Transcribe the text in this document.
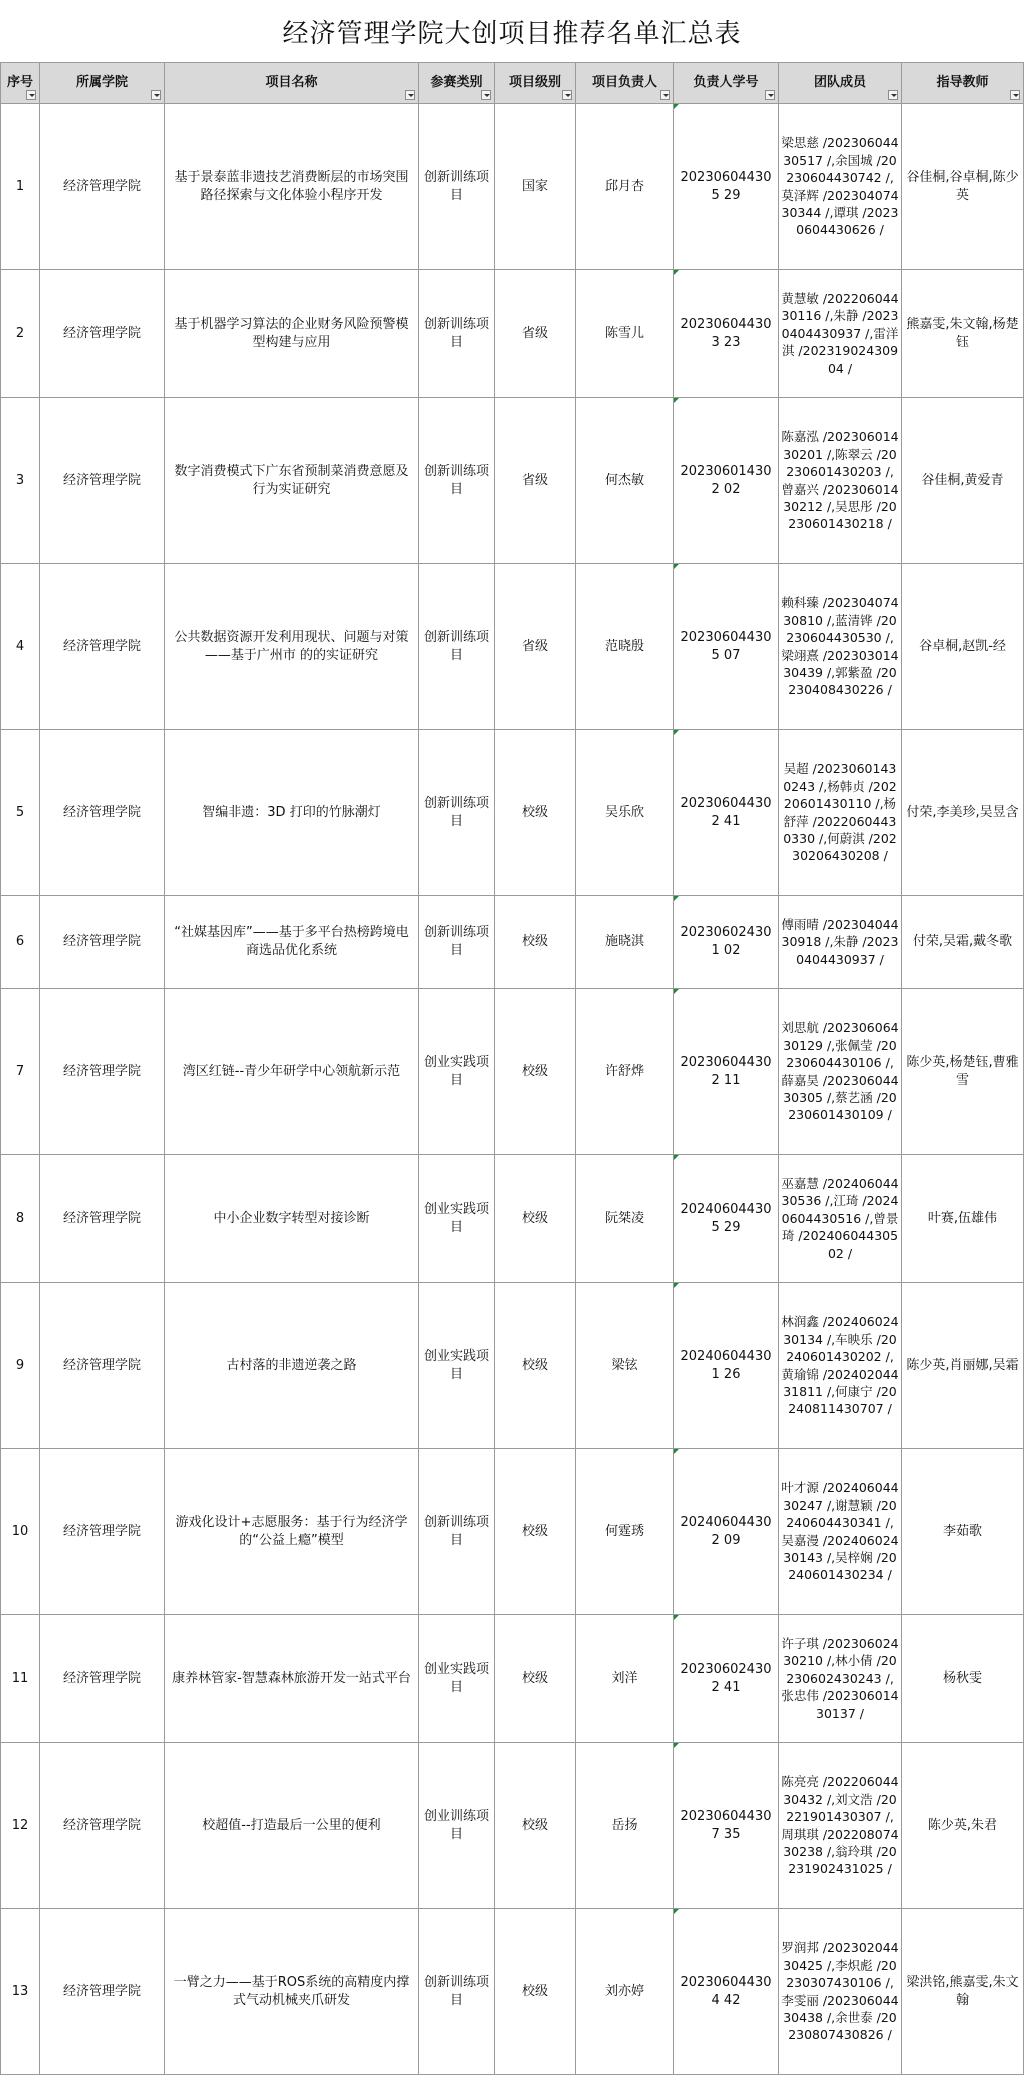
经济管理学院大创项目推荐名单汇总表
序号	所属学院	项目名称	参赛类别	项目级别	项目负责人	负责人学号	团队成员	指导教师

1	经济管理学院	基于景泰蓝非遗技艺消费断层的市场突围路径探索与文化体验小程序开发	创新训练项目	国家	邱月杏	202306044305 29	梁思慈 /20230604430517 /,余国城 /20230604430742 /,莫泽辉 /20230407430344 /,谭琪 /20230604430626 /	谷佳桐,谷卓桐,陈少英
2	经济管理学院	基于机器学习算法的企业财务风险预警模型构建与应用	创新训练项目	省级	陈雪儿	202306044303 23	黄慧敏 /20220604430116 /,朱静 /20230404430937 /,雷洋淇 /20231902430904 /	熊嘉雯,朱文翰,杨楚钰
3	经济管理学院	数字消费模式下广东省预制菜消费意愿及行为实证研究	创新训练项目	省级	何杰敏	202306014302 02	陈嘉泓 /20230601430201 /,陈翠云 /20230601430203 /,曾嘉兴 /20230601430212 /,吴思彤 /20230601430218 /	谷佳桐,黄爱青
4	经济管理学院	公共数据资源开发利用现状、问题与对策——基于广州市 的的实证研究	创新训练项目	省级	范晓殷	202306044305 07	赖科臻 /20230407430810 /,蓝清铧 /20230604430530 /,梁翊熹 /20230301430439 /,郭紫盈 /20230408430226 /	谷卓桐,赵凯-经
5	经济管理学院	智编非遗：3D 打印的竹脉潮灯	创新训练项目	校级	吴乐欣	202306044302 41	吴超 /20230601430243 /,杨韩贞 /20220601430110 /,杨舒萍 /20220604430330 /,何蔚淇 /20230206430208 /	付荣,李美珍,吴昱含
6	经济管理学院	“社媒基因库”——基于多平台热榜跨境电商选品优化系统	创新训练项目	校级	施晓淇	202306024301 02	傅雨晴 /20230404430918 /,朱静 /20230404430937 /	付荣,吴霜,戴冬歌
7	经济管理学院	湾区红链--青少年研学中心领航新示范	创业实践项目	校级	许舒烨	202306044302 11	刘思航 /20230606430129 /,张佩莹 /20230604430106 /,薛嘉昊 /20230604430305 /,蔡艺涵 /20230601430109 /	陈少英,杨楚钰,曹雅雪
8	经济管理学院	中小企业数字转型对接诊断	创业实践项目	校级	阮桀凌	202406044305 29	巫嘉慧 /20240604430536 /,江琦 /20240604430516 /,曾景琦 /20240604430502 /	叶赛,伍雄伟
9	经济管理学院	古村落的非遗逆袭之路	创业实践项目	校级	梁铉	202406044301 26	林润鑫 /20240602430134 /,车映乐 /20240601430202 /,黄瑜锦 /20240204431811 /,何康宁 /20240811430707 /	陈少英,肖丽娜,吴霜
10	经济管理学院	游戏化设计+志愿服务：基于行为经济学的“公益上瘾”模型	创新训练项目	校级	何霆琇	202406044302 09	叶才源 /20240604430247 /,谢慧颖 /20240604430341 /,吴嘉漫 /20240602430143 /,吴梓娴 /20240601430234 /	李茹歌
11	经济管理学院	康养林管家-智慧森林旅游开发一站式平台	创业实践项目	校级	刘洋	202306024302 41	许子琪 /20230602430210 /,林小倩 /20230602430243 /,张忠伟 /20230601430137 /	杨秋雯
12	经济管理学院	校超值--打造最后一公里的便利	创业训练项目	校级	岳扬	202306044307 35	陈亮亮 /20220604430432 /,刘文浩 /20221901430307 /,周琪琪 /20220807430238 /,翁玲琪 /20231902431025 /	陈少英,朱君
13	经济管理学院	一臂之力——基于ROS系统的高精度内撑式气动机械夹爪研发	创新训练项目	校级	刘亦婷	202306044304 42	罗润邦 /20230204430425 /,李炽彪 /20230307430106 /,李雯丽 /20230604430438 /,余世泰 /20230807430826 /	梁洪铭,熊嘉雯,朱文翰
